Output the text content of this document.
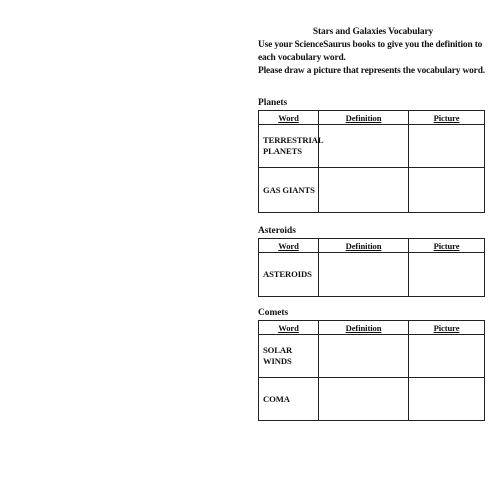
Stars and Galaxies Vocabulary
Use your ScienceSaurus books to give you the definition to
each vocabulary word.
Please draw a picture that represents the vocabulary word.
Planets
Word	Definition	Picture

TERRESTRIAL PLANETS		

GAS GIANTS		
Asteroids
Word	Definition	Picture
ASTEROIDS		
Comets
Word	Definition	Picture
SOLAR WINDS		
COMA		
